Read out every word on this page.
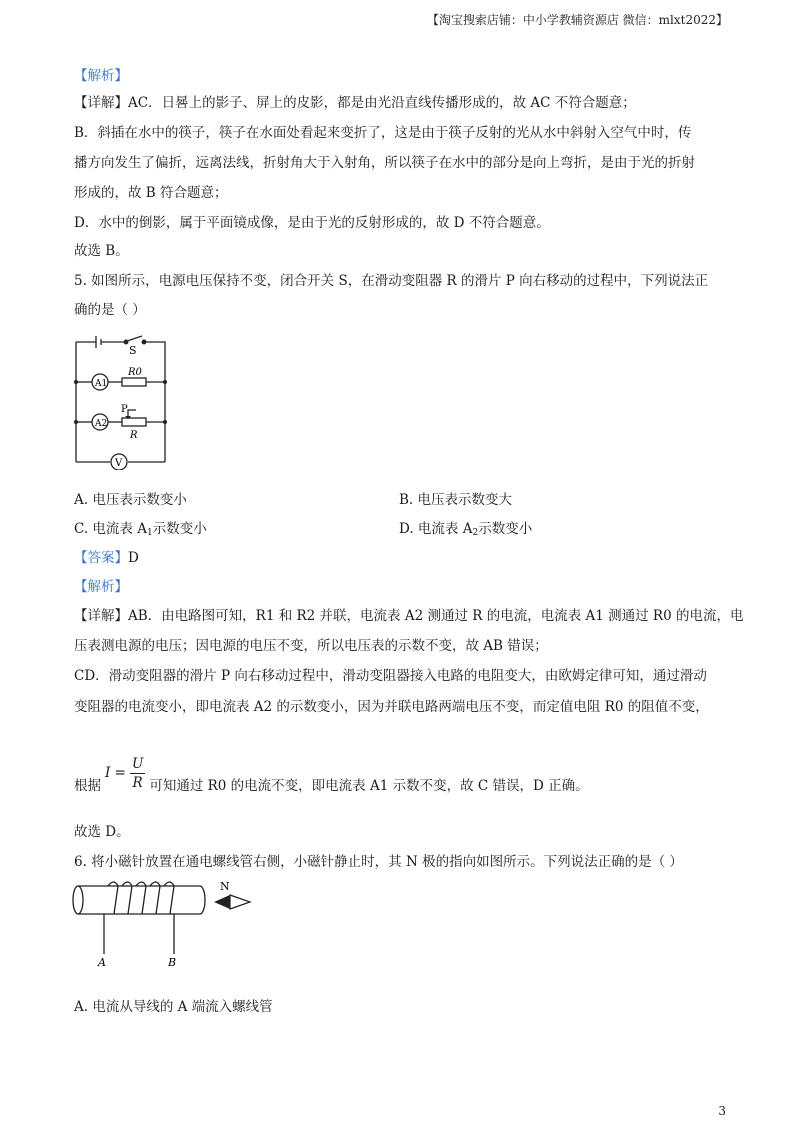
【淘宝搜索店铺：中小学教辅资源店 微信：mlxt2022】
【解析】
【详解】AC．日晷上的影子、屏上的皮影，都是由光沿直线传播形成的，故 AC 不符合题意；
B．斜插在水中的筷子，筷子在水面处看起来变折了，这是由于筷子反射的光从水中斜射入空气中时，传
播方向发生了偏折，远离法线，折射角大于入射角，所以筷子在水中的部分是向上弯折，是由于光的折射
形成的，故 B 符合题意；
D．水中的倒影，属于平面镜成像，是由于光的反射形成的，故 D 不符合题意。
故选 B。
5. 如图所示，电源电压保持不变，闭合开关 S，在滑动变阻器 R 的滑片 P 向右移动的过程中，下列说法正
确的是（ ）
S
A1
A2
R0
P
R
V
A. 电压表示数变小	B. 电压表示数变大
C. 电流表 $A_1$示数变小	D. 电流表 $A_2$示数变小
【答案】D
【解析】
【详解】AB．由电路图可知，R1 和 R2 并联，电流表 A2 测通过 R 的电流，电流表 A1 测通过 R0 的电流，电
压表测电源的电压；因电源的电压不变，所以电压表的示数不变，故 AB 错误；
CD．滑动变阻器的滑片 P 向右移动过程中，滑动变阻器接入电路的电阻变大，由欧姆定律可知，通过滑动
变阻器的电流变小，即电流表 A2 的示数变小，因为并联电路两端电压不变，而定值电阻 R0 的阻值不变，
根据
$I = \frac{U}{R}$ 可知通过 R0 的电流不变，即电流表 A1 示数不变，故 C 错误，D 正确。
故选 D。
6. 将小磁针放置在通电螺线管右侧，小磁针静止时，其 N 极的指向如图所示。下列说法正确的是（ ）
N
A	B
A. 电流从导线的 A 端流入螺线管
3
